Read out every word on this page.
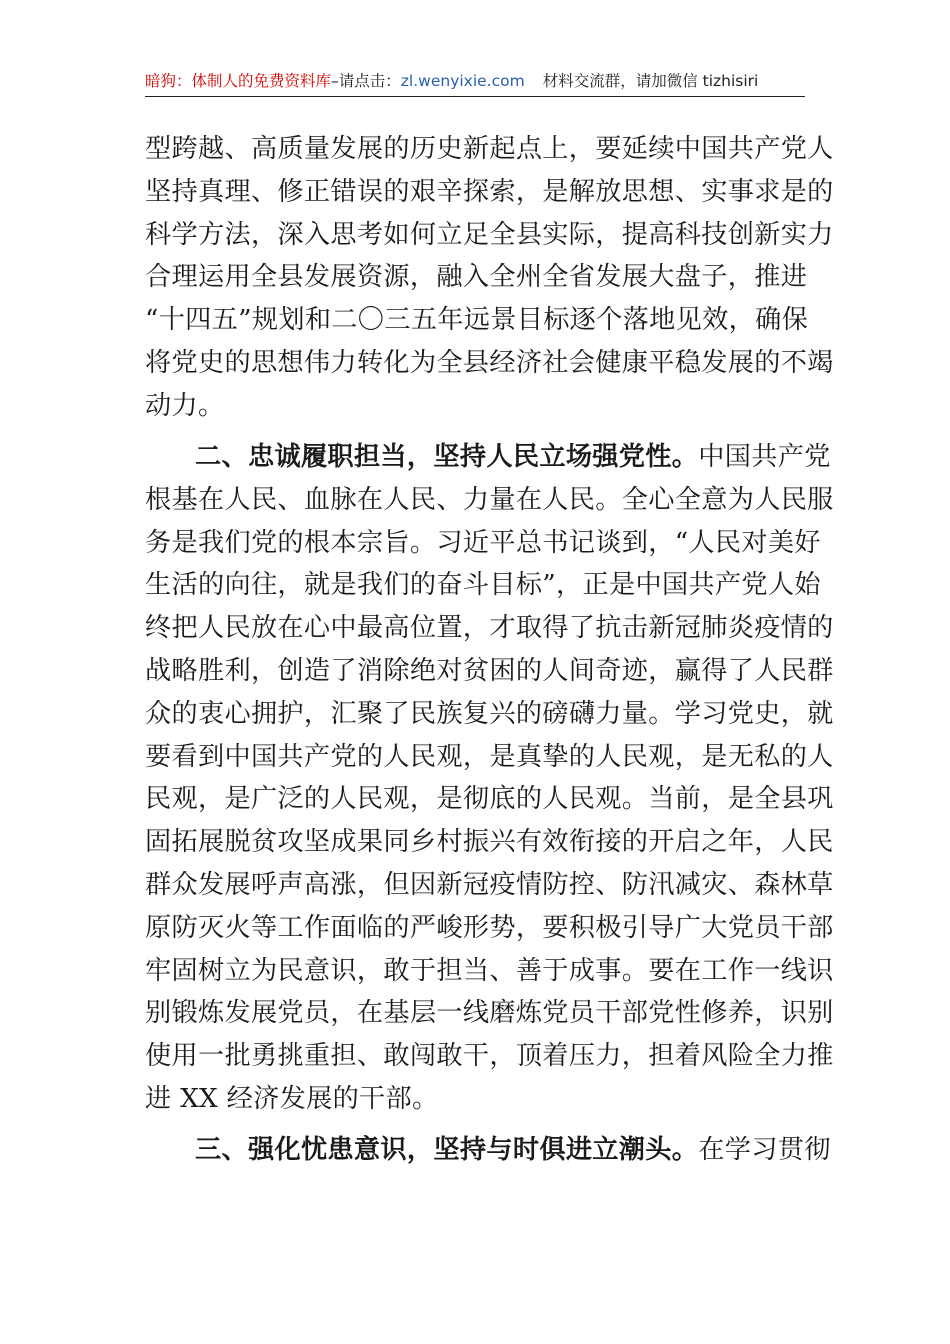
暗狗：体制人的免费资料库–请点击：zl.wenyixie.com 材料交流群，请加微信 tizhisiri
型跨越、高质量发展的历史新起点上，要延续中国共产党人
坚持真理、修正错误的艰辛探索，是解放思想、实事求是的
科学方法，深入思考如何立足全县实际，提高科技创新实力
合理运用全县发展资源，融入全州全省发展大盘子，推进
“十四五”规划和二〇三五年远景目标逐个落地见效，确保
将党史的思想伟力转化为全县经济社会健康平稳发展的不竭
动力。
二、忠诚履职担当，坚持人民立场强党性。中国共产党
根基在人民、血脉在人民、力量在人民。全心全意为人民服
务是我们党的根本宗旨。习近平总书记谈到，“人民对美好
生活的向往，就是我们的奋斗目标”，正是中国共产党人始
终把人民放在心中最高位置，才取得了抗击新冠肺炎疫情的
战略胜利，创造了消除绝对贫困的人间奇迹，赢得了人民群
众的衷心拥护，汇聚了民族复兴的磅礴力量。学习党史，就
要看到中国共产党的人民观，是真挚的人民观，是无私的人
民观，是广泛的人民观，是彻底的人民观。当前，是全县巩
固拓展脱贫攻坚成果同乡村振兴有效衔接的开启之年，人民
群众发展呼声高涨，但因新冠疫情防控、防汛减灾、森林草
原防灭火等工作面临的严峻形势，要积极引导广大党员干部
牢固树立为民意识，敢于担当、善于成事。要在工作一线识
别锻炼发展党员，在基层一线磨炼党员干部党性修养，识别
使用一批勇挑重担、敢闯敢干，顶着压力，担着风险全力推
进 XX 经济发展的干部。
三、强化忧患意识，坚持与时俱进立潮头。在学习贯彻
